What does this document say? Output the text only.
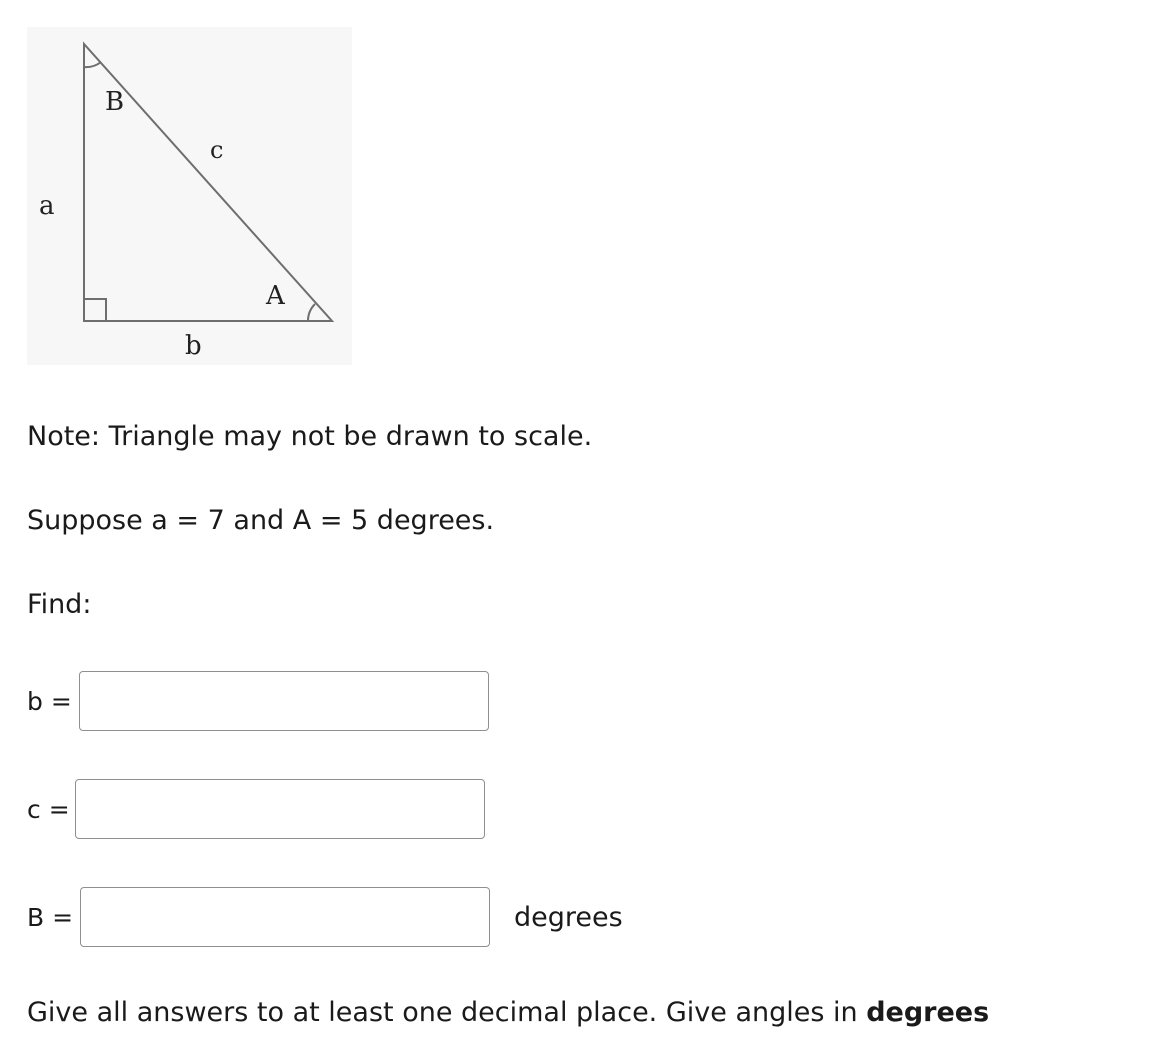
B
A
a
b
c

Note: Triangle may not be drawn to scale.

Suppose a = 7 and A = 5 degrees.

Find:

b =
c =
B =	degrees

Give all answers to at least one decimal place. Give angles in degrees
